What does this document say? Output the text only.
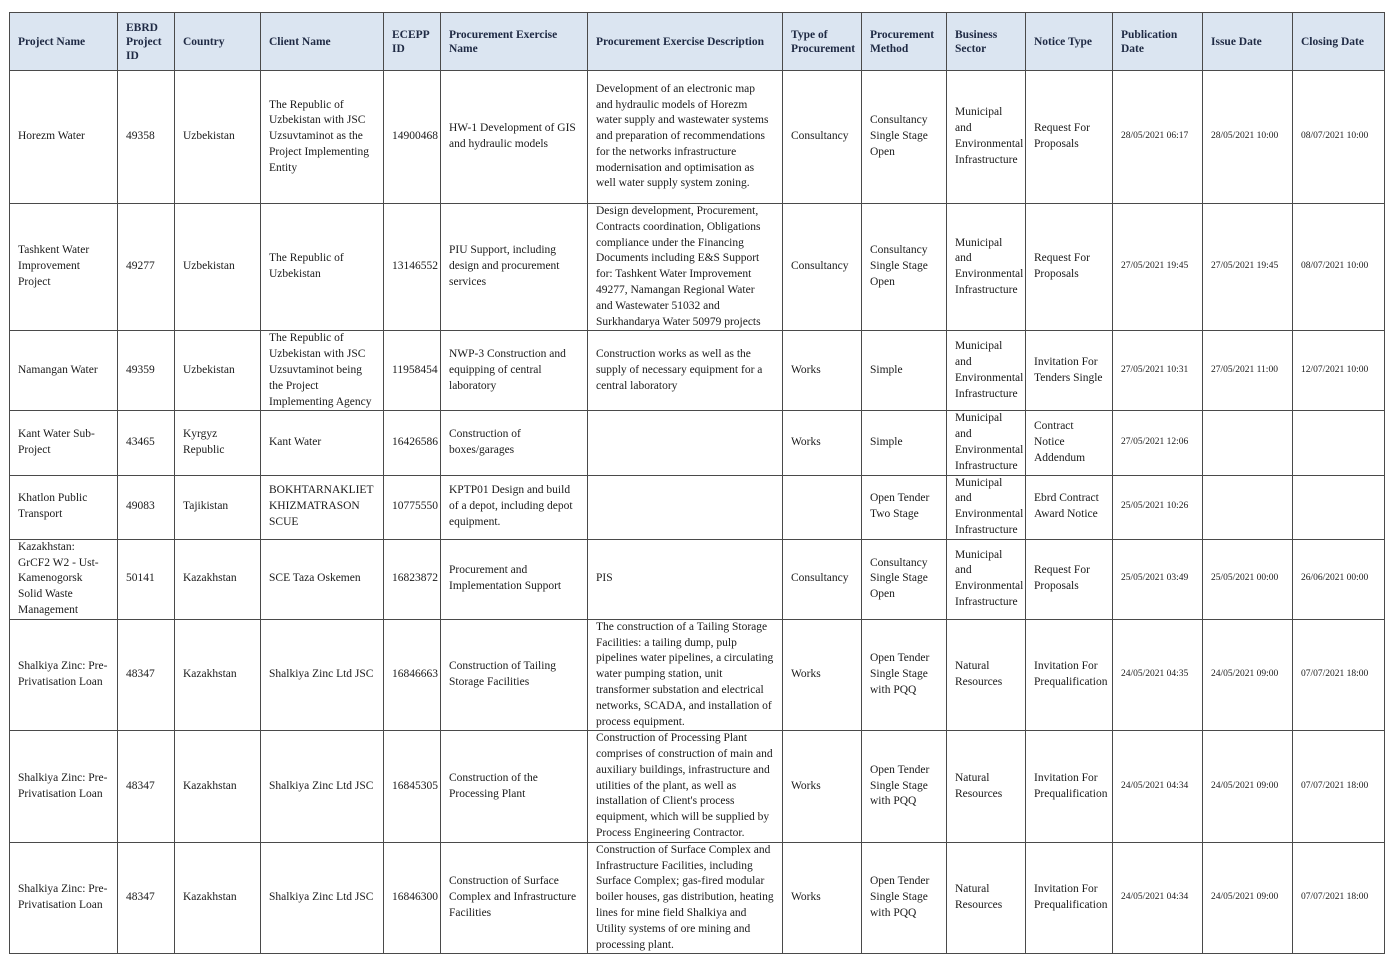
Project Name	EBRD Project ID	Country	Client Name	ECEPP ID	Procurement Exercise Name	Procurement Exercise Description	Type of Procurement	Procurement Method	Business Sector	Notice Type	Publication Date	Issue Date	Closing Date
Horezm Water	49358	Uzbekistan	The Republic of Uzbekistan with JSC Uzsuvtaminot as the Project Implementing Entity	14900468	HW-1 Development of GIS and hydraulic models	Development of an electronic map and hydraulic models of Horezm water supply and wastewater systems and preparation of recommendations for the networks infrastructure modernisation and optimisation as well water supply system zoning.	Consultancy	Consultancy Single Stage Open	Municipal and Environmental Infrastructure	Request For Proposals	28/05/2021 06:17	28/05/2021 10:00	08/07/2021 10:00
Tashkent Water Improvement Project	49277	Uzbekistan	The Republic of Uzbekistan	13146552	PIU Support, including design and procurement services	Design development, Procurement, Contracts coordination, Obligations compliance under the Financing Documents including E&S Support for: Tashkent Water Improvement 49277, Namangan Regional Water and Wastewater 51032 and Surkhandarya Water 50979 projects	Consultancy	Consultancy Single Stage Open	Municipal and Environmental Infrastructure	Request For Proposals	27/05/2021 19:45	27/05/2021 19:45	08/07/2021 10:00
Namangan Water	49359	Uzbekistan	The Republic of Uzbekistan with JSC Uzsuvtaminot being the Project Implementing Agency	11958454	NWP-3 Construction and equipping of central laboratory	Construction works as well as the supply of necessary equipment for a central laboratory	Works	Simple	Municipal and Environmental Infrastructure	Invitation For Tenders Single	27/05/2021 10:31	27/05/2021 11:00	12/07/2021 10:00
Kant Water Sub-Project	43465	Kyrgyz Republic	Kant Water	16426586	Construction of boxes/garages		Works	Simple	Municipal and Environmental Infrastructure	Contract Notice Addendum	27/05/2021 12:06		
Khatlon Public Transport	49083	Tajikistan	BOKHTARNAKLIET KHIZMATRASON SCUE	10775550	KPTP01 Design and build of a depot, including depot equipment.			Open Tender Two Stage	Municipal and Environmental Infrastructure	Ebrd Contract Award Notice	25/05/2021 10:26		
Kazakhstan: GrCF2 W2 - Ust-Kamenogorsk Solid Waste Management	50141	Kazakhstan	SCE Taza Oskemen	16823872	Procurement and Implementation Support	PIS	Consultancy	Consultancy Single Stage Open	Municipal and Environmental Infrastructure	Request For Proposals	25/05/2021 03:49	25/05/2021 00:00	26/06/2021 00:00
Shalkiya Zinc: Pre-Privatisation Loan	48347	Kazakhstan	Shalkiya Zinc Ltd JSC	16846663	Construction of Tailing Storage Facilities	The construction of a Tailing Storage Facilities: a tailing dump, pulp pipelines water pipelines, a circulating water pumping station, unit transformer substation and electrical networks, SCADA, and installation of process equipment.	Works	Open Tender Single Stage with PQQ	Natural Resources	Invitation For Prequalification	24/05/2021 04:35	24/05/2021 09:00	07/07/2021 18:00
Shalkiya Zinc: Pre-Privatisation Loan	48347	Kazakhstan	Shalkiya Zinc Ltd JSC	16845305	Construction of the Processing Plant	Construction of Processing Plant comprises of construction of main and auxiliary buildings, infrastructure and utilities of the plant, as well as installation of Client's process equipment, which will be supplied by Process Engineering Contractor.	Works	Open Tender Single Stage with PQQ	Natural Resources	Invitation For Prequalification	24/05/2021 04:34	24/05/2021 09:00	07/07/2021 18:00
Shalkiya Zinc: Pre-Privatisation Loan	48347	Kazakhstan	Shalkiya Zinc Ltd JSC	16846300	Construction of Surface Complex and Infrastructure Facilities	Construction of Surface Complex and Infrastructure Facilities, including Surface Complex; gas-fired modular boiler houses, gas distribution, heating lines for mine field Shalkiya and Utility systems of ore mining and processing plant.	Works	Open Tender Single Stage with PQQ	Natural Resources	Invitation For Prequalification	24/05/2021 04:34	24/05/2021 09:00	07/07/2021 18:00
